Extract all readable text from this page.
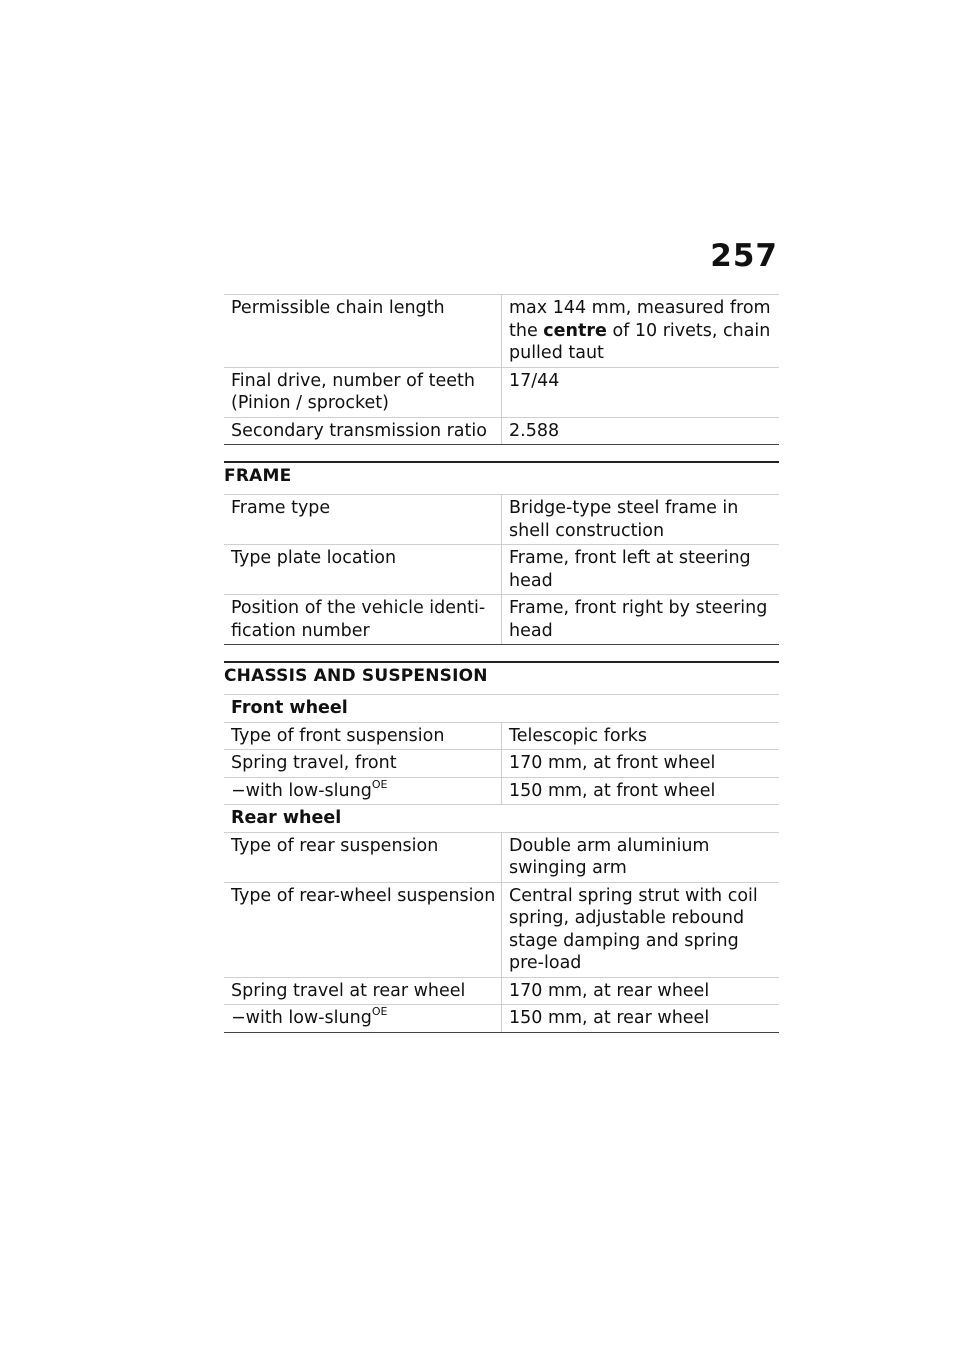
257
Permissible chain length	max 144 mm, measured from the centre of 10 rivets, chain pulled taut
Final drive, number of teeth (Pinion / sprocket)	17/44
Secondary transmission ratio	2.588
FRAME
Frame type	Bridge-type steel frame in shell construction
Type plate location	Frame, front left at steering head
Position of the vehicle identi-fication number	Frame, front right by steering head
CHASSIS AND SUSPENSION
Front wheel	
Type of front suspension	Telescopic forks
Spring travel, front	170 mm, at front wheel
−with low-slung$^{OE}$	150 mm, at front wheel
Rear wheel	
Type of rear suspension	Double arm aluminium swinging arm
Type of rear-wheel suspension	Central spring strut with coil spring, adjustable rebound stage damping and spring pre-load
Spring travel at rear wheel	170 mm, at rear wheel
−with low-slung$^{OE}$	150 mm, at rear wheel
